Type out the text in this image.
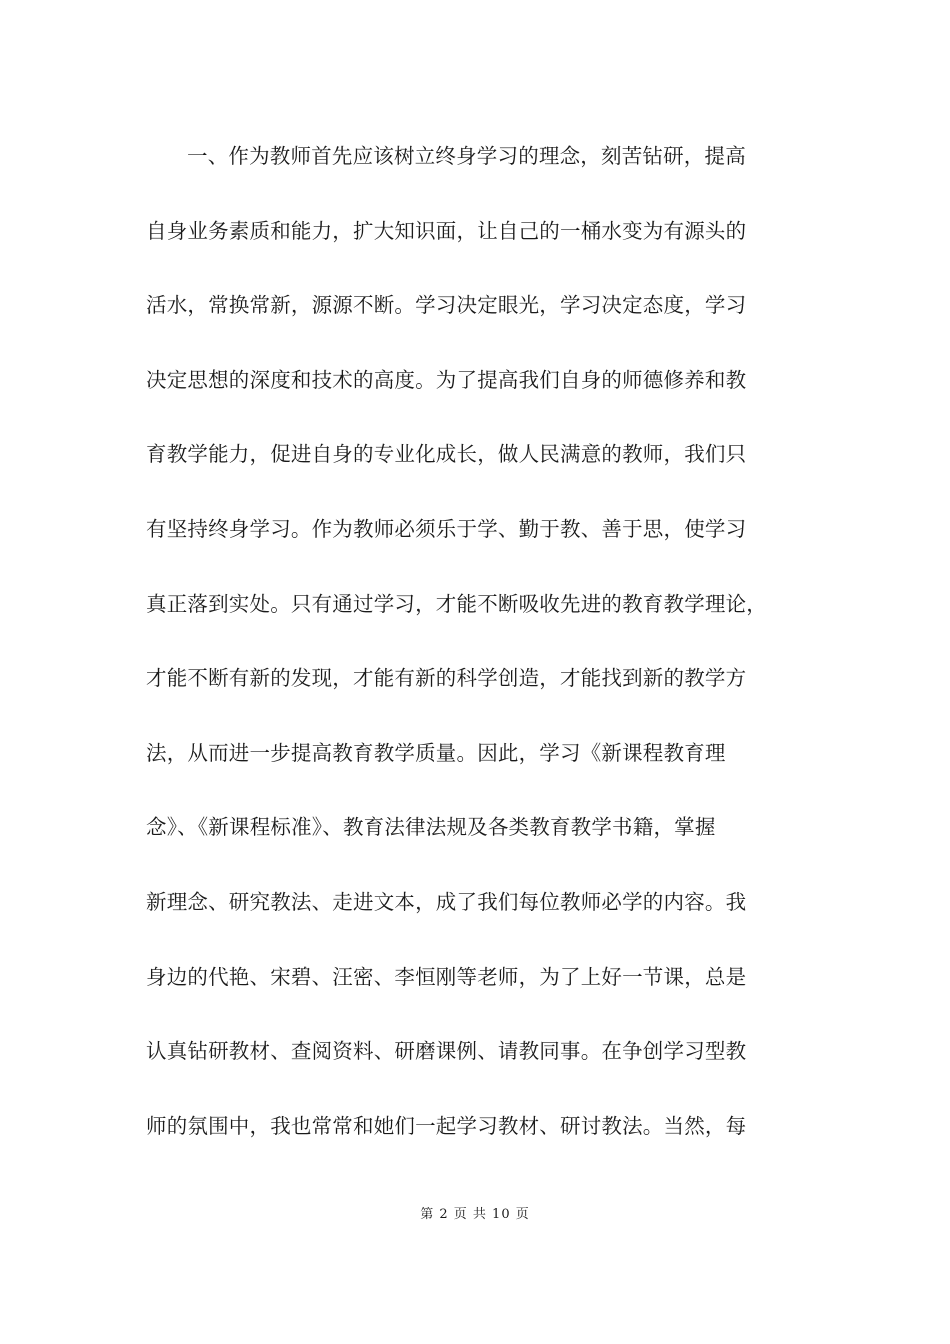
一、作为教师首先应该树立终身学习的理念，刻苦钻研，提高
自身业务素质和能力，扩大知识面，让自己的一桶水变为有源头的
活水，常换常新，源源不断。学习决定眼光，学习决定态度，学习
决定思想的深度和技术的高度。为了提高我们自身的师德修养和教
育教学能力，促进自身的专业化成长，做人民满意的教师，我们只
有坚持终身学习。作为教师必须乐于学、勤于教、善于思，使学习
真正落到实处。只有通过学习，才能不断吸收先进的教育教学理论，
才能不断有新的发现，才能有新的科学创造，才能找到新的教学方
法，从而进一步提高教育教学质量。因此，学习《新课程教育理
念》、《新课程标准》、教育法律法规及各类教育教学书籍，掌握
新理念、研究教法、走进文本，成了我们每位教师必学的内容。我
身边的代艳、宋碧、汪密、李恒刚等老师，为了上好一节课，总是
认真钻研教材、查阅资料、研磨课例、请教同事。在争创学习型教
师的氛围中，我也常常和她们一起学习教材、研讨教法。当然，每
第 2 页 共 10 页
